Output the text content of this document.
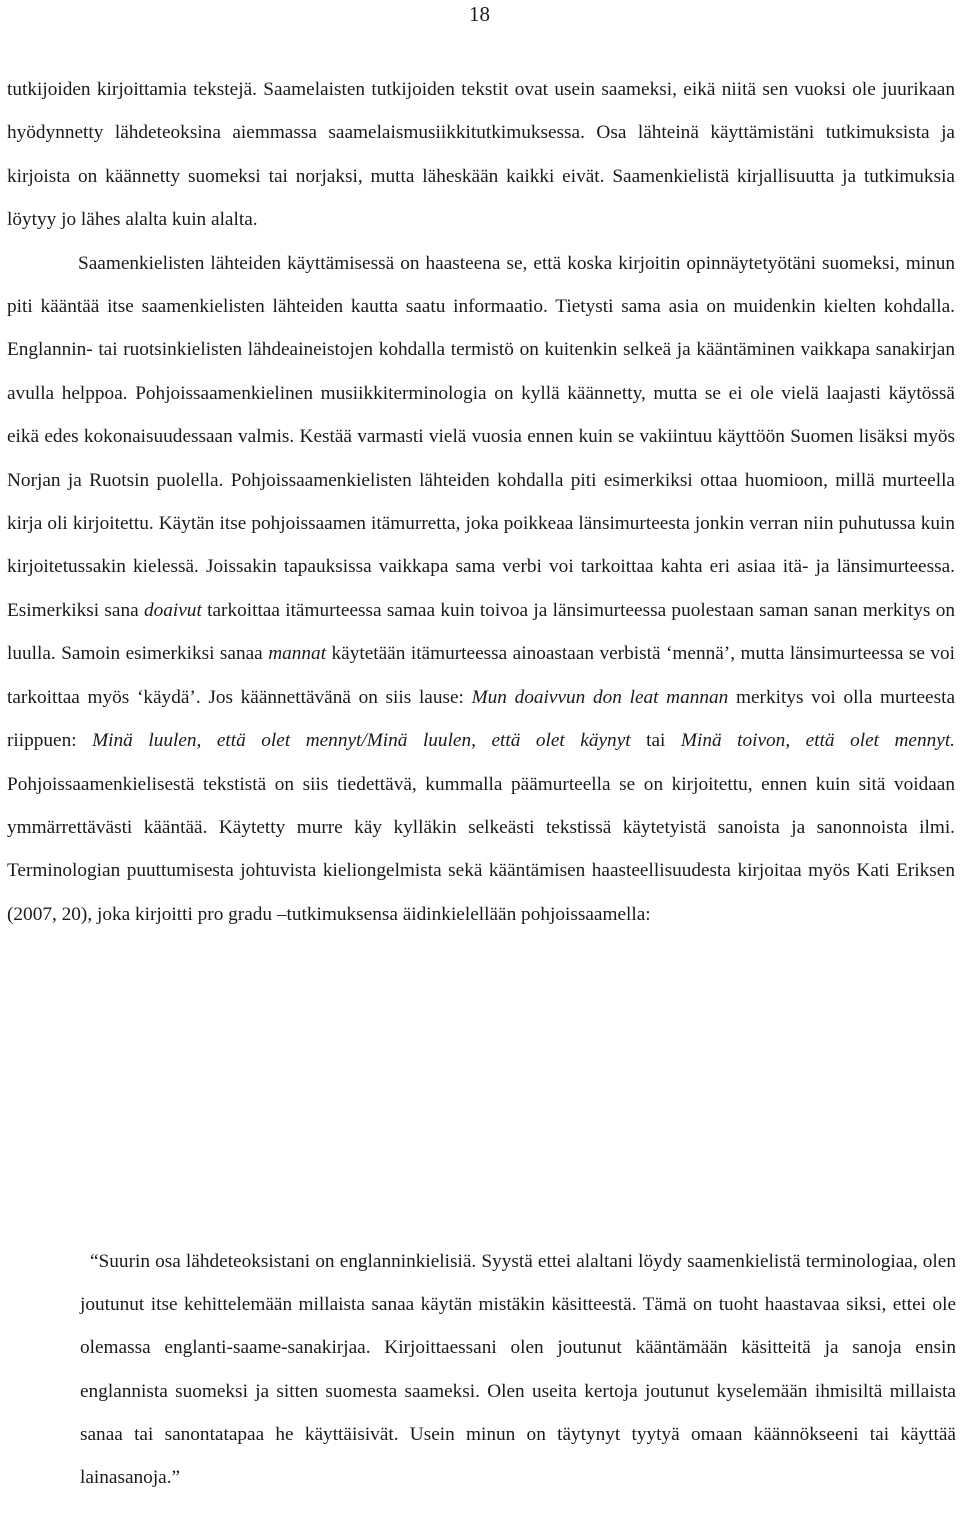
18

tutkijoiden kirjoittamia tekstejä. Saamelaisten tutkijoiden tekstit ovat usein saameksi, eikä niitä sen vuoksi ole juurikaan hyödynnetty lähdeteoksina aiemmassa saamelaismusiikkitutkimuksessa. Osa lähteinä käyttämistäni tutkimuksista ja kirjoista on käännetty suomeksi tai norjaksi, mutta läheskään kaikki eivät. Saamenkielistä kirjallisuutta ja tutkimuksia löytyy jo lähes alalta kuin alalta.

Saamenkielisten lähteiden käyttämisessä on haasteena se, että koska kirjoitin opinnäytetyötäni suomeksi, minun piti kääntää itse saamenkielisten lähteiden kautta saatu informaatio. Tietysti sama asia on muidenkin kielten kohdalla. Englannin- tai ruotsinkielisten lähdeaineistojen kohdalla termistö on kuitenkin selkeä ja kääntäminen vaikkapa sanakirjan avulla helppoa. Pohjoissaamenkielinen musiikkiterminologia on kyllä käännetty, mutta se ei ole vielä laajasti käytössä eikä edes kokonaisuudessaan valmis. Kestää varmasti vielä vuosia ennen kuin se vakiintuu käyttöön Suomen lisäksi myös Norjan ja Ruotsin puolella. Pohjoissaamenkielisten lähteiden kohdalla piti esimerkiksi ottaa huomioon, millä murteella kirja oli kirjoitettu. Käytän itse pohjoissaamen itämurretta, joka poikkeaa länsimurteesta jonkin verran niin puhutussa kuin kirjoitetussakin kielessä. Joissakin tapauksissa vaikkapa sama verbi voi tarkoittaa kahta eri asiaa itä- ja länsimurteessa. Esimerkiksi sana doaivut tarkoittaa itämurteessa samaa kuin toivoa ja länsimurteessa puolestaan saman sanan merkitys on luulla. Samoin esimerkiksi sanaa mannat käytetään itämurteessa ainoastaan verbistä ‘mennä’, mutta länsimurteessa se voi tarkoittaa myös ‘käydä’. Jos käännettävänä on siis lause: Mun doaivvun don leat mannan merkitys voi olla murteesta riippuen: Minä luulen, että olet mennyt/Minä luulen, että olet käynyt tai Minä toivon, että olet mennyt. Pohjoissaamenkielisestä tekstistä on siis tiedettävä, kummalla päämurteella se on kirjoitettu, ennen kuin sitä voidaan ymmärrettävästi kääntää. Käytetty murre käy kylläkin selkeästi tekstissä käytetyistä sanoista ja sanonnoista ilmi. Terminologian puuttumisesta johtuvista kieliongelmista sekä kääntämisen haasteellisuudesta kirjoitaa myös Kati Eriksen (2007, 20), joka kirjoitti pro gradu –tutkimuksensa äidinkielellään pohjoissaamella:

“Suurin osa lähdeteoksistani on englanninkielisiä. Syystä ettei alaltani löydy saamenkielistä terminologiaa, olen joutunut itse kehittelemään millaista sanaa käytän mistäkin käsitteestä. Tämä on tuoht haastavaa siksi, ettei ole olemassa englanti-saame-sanakirjaa. Kirjoittaessani olen joutunut kääntämään käsitteitä ja sanoja ensin englannista suomeksi ja sitten suomesta saameksi. Olen useita kertoja joutunut kyselemään ihmisiltä millaista sanaa tai sanontatapaa he käyttäisivät. Usein minun on täytynyt tyytyä omaan käännökseeni tai käyttää lainasanoja.”
